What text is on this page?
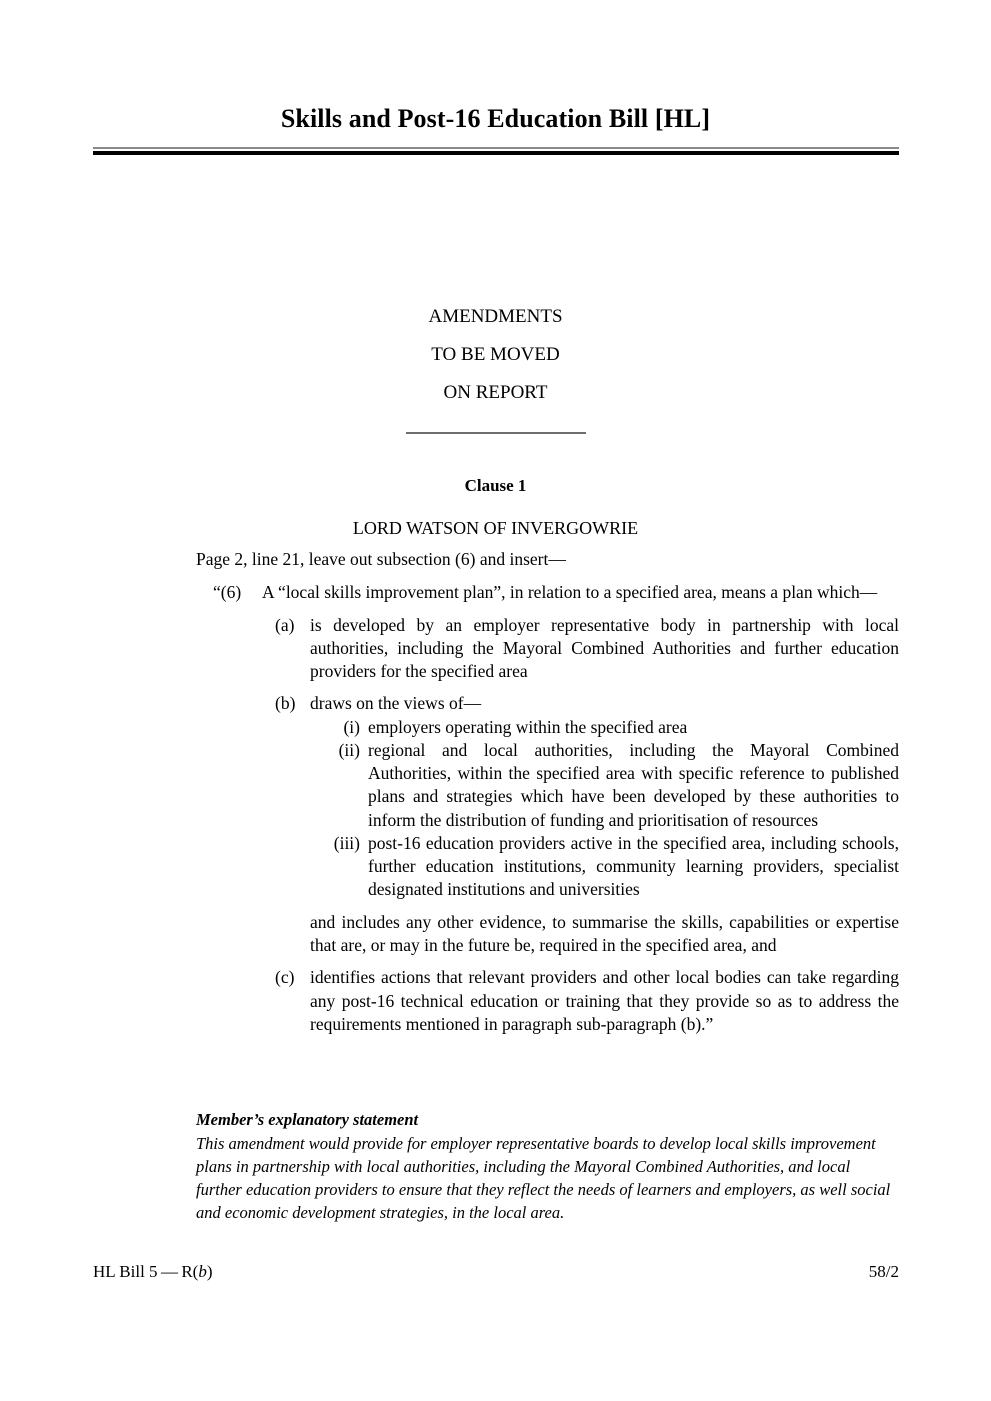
Skills and Post-16 Education Bill [HL]
AMENDMENTS
TO BE MOVED
ON REPORT
Clause 1
LORD WATSON OF INVERGOWRIE
Page 2, line 21, leave out subsection (6) and insert—
“(6)	A “local skills improvement plan”, in relation to a specified area, means a plan which—
(a) is developed by an employer representative body in partnership with local authorities, including the Mayoral Combined Authorities and further education providers for the specified area
(b) draws on the views of—
(i) employers operating within the specified area
(ii) regional and local authorities, including the Mayoral Combined Authorities, within the specified area with specific reference to published plans and strategies which have been developed by these authorities to inform the distribution of funding and prioritisation of resources
(iii) post-16 education providers active in the specified area, including schools, further education institutions, community learning providers, specialist designated institutions and universities
and includes any other evidence, to summarise the skills, capabilities or expertise that are, or may in the future be, required in the specified area, and
(c) identifies actions that relevant providers and other local bodies can take regarding any post-16 technical education or training that they provide so as to address the requirements mentioned in paragraph sub-paragraph (b).”
Member’s explanatory statement
This amendment would provide for employer representative boards to develop local skills improvement plans in partnership with local authorities, including the Mayoral Combined Authorities, and local further education providers to ensure that they reflect the needs of learners and employers, as well social and economic development strategies, in the local area.
HL Bill 5 — R(b)	58/2
